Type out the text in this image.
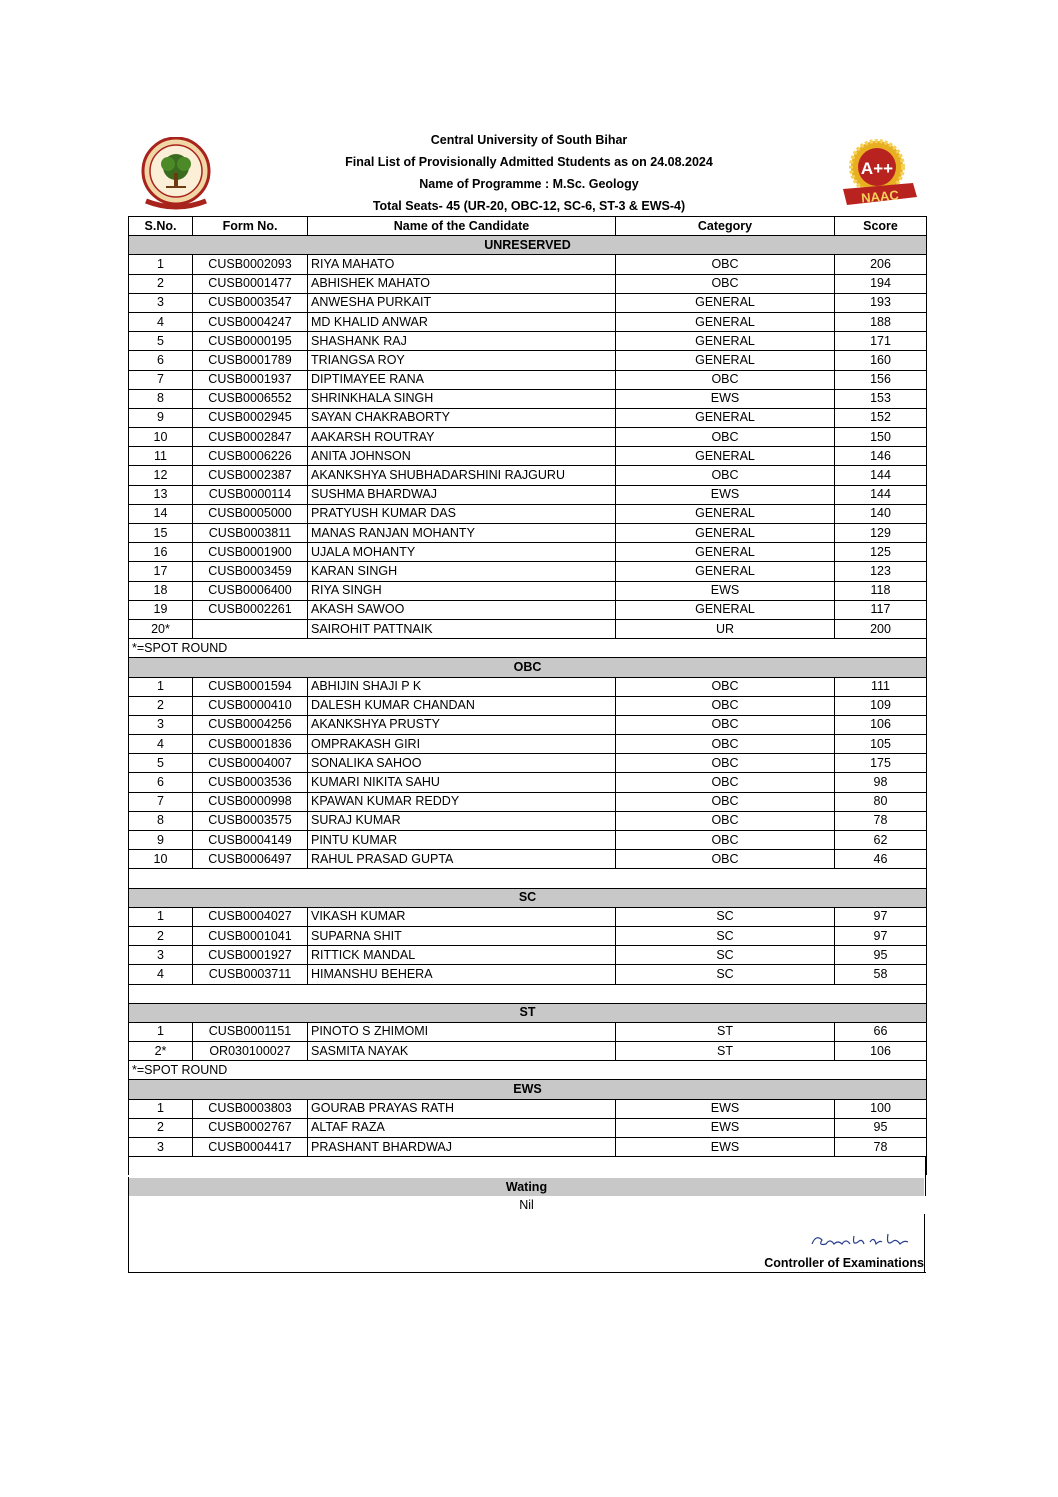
Central University of South Bihar
Final List of Provisionally Admitted Students as on 24.08.2024
Name of Programme : M.Sc. Geology
Total Seats- 45 (UR-20, OBC-12, SC-6, ST-3 & EWS-4)
A++
NAAC
S.No.	Form No.	Name of the Candidate	Category	Score
UNRESERVED				
1	CUSB0002093	RIYA MAHATO	OBC	206
2	CUSB0001477	ABHISHEK MAHATO	OBC	194
3	CUSB0003547	ANWESHA PURKAIT	GENERAL	193
4	CUSB0004247	MD KHALID ANWAR	GENERAL	188
5	CUSB0000195	SHASHANK RAJ	GENERAL	171
6	CUSB0001789	TRIANGSA ROY	GENERAL	160
7	CUSB0001937	DIPTIMAYEE RANA	OBC	156
8	CUSB0006552	SHRINKHALA SINGH	EWS	153
9	CUSB0002945	SAYAN CHAKRABORTY	GENERAL	152
10	CUSB0002847	AAKARSH ROUTRAY	OBC	150
11	CUSB0006226	ANITA JOHNSON	GENERAL	146
12	CUSB0002387	AKANKSHYA SHUBHADARSHINI RAJGURU	OBC	144
13	CUSB0000114	SUSHMA BHARDWAJ	EWS	144
14	CUSB0005000	PRATYUSH KUMAR DAS	GENERAL	140
15	CUSB0003811	MANAS RANJAN MOHANTY	GENERAL	129
16	CUSB0001900	UJALA MOHANTY	GENERAL	125
17	CUSB0003459	KARAN SINGH	GENERAL	123
18	CUSB0006400	RIYA SINGH	EWS	118
19	CUSB0002261	AKASH SAWOO	GENERAL	117
20*		SAIROHIT PATTNAIK	UR	200
*=SPOT ROUND				
OBC				
1	CUSB0001594	ABHIJIN SHAJI P K	OBC	111
2	CUSB0000410	DALESH KUMAR CHANDAN	OBC	109
3	CUSB0004256	AKANKSHYA PRUSTY	OBC	106
4	CUSB0001836	OMPRAKASH GIRI	OBC	105
5	CUSB0004007	SONALIKA SAHOO	OBC	175
6	CUSB0003536	KUMARI NIKITA SAHU	OBC	98
7	CUSB0000998	KPAWAN KUMAR REDDY	OBC	80
8	CUSB0003575	SURAJ KUMAR	OBC	78
9	CUSB0004149	PINTU KUMAR	OBC	62
10	CUSB0006497	RAHUL PRASAD GUPTA	OBC	46

SC				
1	CUSB0004027	VIKASH KUMAR	SC	97
2	CUSB0001041	SUPARNA SHIT	SC	97
3	CUSB0001927	RITTICK MANDAL	SC	95
4	CUSB0003711	HIMANSHU BEHERA	SC	58

ST				
1	CUSB0001151	PINOTO S ZHIMOMI	ST	66
2*	OR030100027	SASMITA NAYAK	ST	106
*=SPOT ROUND				
EWS				
1	CUSB0003803	GOURAB PRAYAS RATH	EWS	100
2	CUSB0002767	ALTAF RAZA	EWS	95
3	CUSB0004417	PRASHANT BHARDWAJ	EWS	78

Wating
Nil
Controller of Examinations
